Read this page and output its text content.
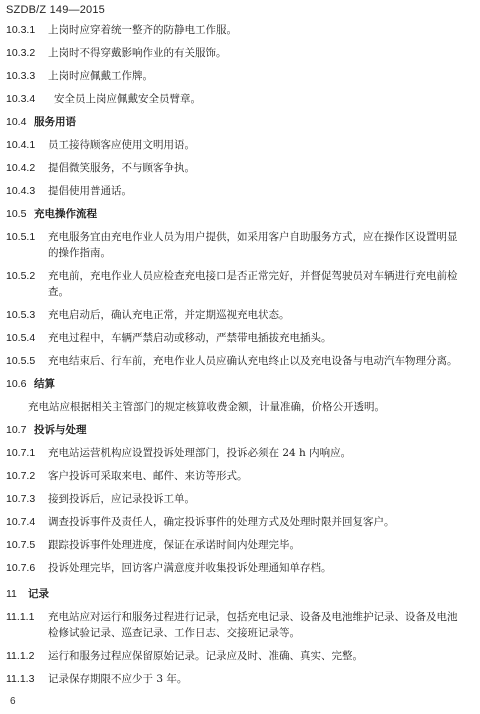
SZDB/Z 149—2015
10.3.1	上岗时应穿着统一整齐的防静电工作服。
10.3.2	上岗时不得穿戴影响作业的有关服饰。
10.3.3	上岗时应佩戴工作牌。
10.3.4	安全员上岗应佩戴安全员臂章。
10.4 服务用语
10.4.1	员工接待顾客应使用文明用语。
10.4.2	提倡微笑服务，不与顾客争执。
10.4.3	提倡使用普通话。
10.5 充电操作流程
10.5.1	充电服务宜由充电作业人员为用户提供，如采用客户自助服务方式，应在操作区设置明显的操作指南。
10.5.2	充电前，充电作业人员应检查充电接口是否正常完好，并督促驾驶员对车辆进行充电前检查。
10.5.3	充电启动后，确认充电正常，并定期巡视充电状态。
10.5.4	充电过程中，车辆严禁启动或移动，严禁带电插拔充电插头。
10.5.5	充电结束后、行车前，充电作业人员应确认充电终止以及充电设备与电动汽车物理分离。
10.6 结算
充电站应根据相关主管部门的规定核算收费金额，计量准确，价格公开透明。
10.7 投诉与处理
10.7.1	充电站运营机构应设置投诉处理部门，投诉必须在 24 h 内响应。
10.7.2	客户投诉可采取来电、邮件、来访等形式。
10.7.3	接到投诉后，应记录投诉工单。
10.7.4	调查投诉事件及责任人，确定投诉事件的处理方式及处理时限并回复客户。
10.7.5	跟踪投诉事件处理进度，保证在承诺时间内处理完毕。
10.7.6	投诉处理完毕，回访客户满意度并收集投诉处理通知单存档。
11	记录
11.1.1	充电站应对运行和服务过程进行记录，包括充电记录、设备及电池维护记录、设备及电池检修试验记录、巡查记录、工作日志、交接班记录等。
11.1.2	运行和服务过程应保留原始记录。记录应及时、准确、真实、完整。
11.1.3	记录保存期限不应少于 3 年。
6
